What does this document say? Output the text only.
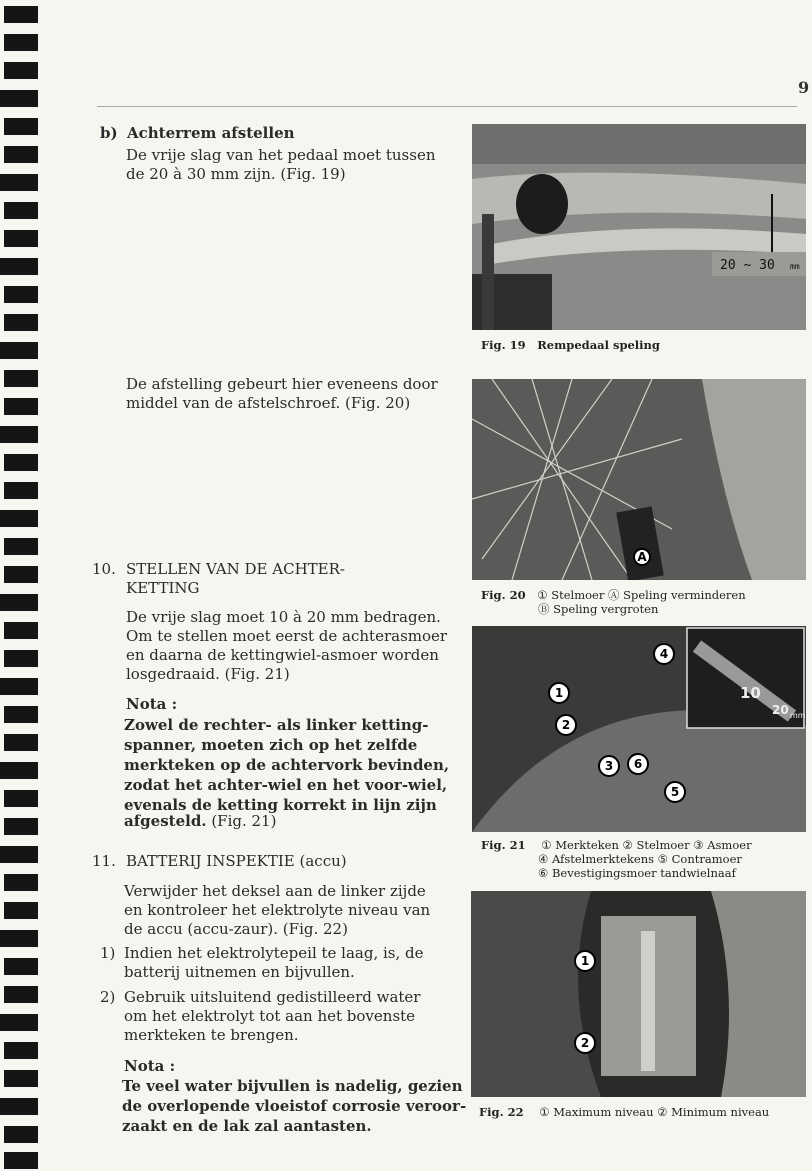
9
b) Achterrem afstellen
De vrije slag van het pedaal moet tussen
de 20 à 30 mm zijn. (Fig. 19)
De afstelling gebeurt hier eveneens door
middel van de afstelschroef. (Fig. 20)
10. STELLEN VAN DE ACHTER-
KETTING
De vrije slag moet 10 à 20 mm bedragen.
Om te stellen moet eerst de achterasmoer
en daarna de kettingwiel-asmoer worden
losgedraaid. (Fig. 21)
Nota :
Zowel de rechter- als linker ketting-
spanner, moeten zich op het zelfde
merkteken op de achtervork bevinden,
zodat het achter-wiel en het voor-wiel,
evenals de ketting korrekt in lijn zijn
afgesteld. (Fig. 21)
11. BATTERIJ INSPEKTIE (accu)
Verwijder het deksel aan de linker zijde
en kontroleer het elektrolyte niveau van
de accu (accu-zaur). (Fig. 22)
1) Indien het elektrolytepeil te laag, is, de
batterij uitnemen en bijvullen.
2) Gebruik uitsluitend gedistilleerd water
om het elektrolyt tot aan het bovenste
merkteken te brengen.
Nota :
Te veel water bijvullen is nadelig, gezien
de overlopende vloeistof corrosie veroor-
zaakt en de lak zal aantasten.
20 ~ 30 mm
Fig. 19 Rempedaal speling
A
Fig. 20 ① Stelmoer Ⓐ Speling verminderen
Ⓑ Speling vergroten
10
20 mm
1
2
3
4
5
6
Fig. 21 ① Merkteken ② Stelmoer ③ Asmoer
④ Afstelmerktekens ⑤ Contramoer
⑥ Bevestigingsmoer tandwielnaaf
1
2
Fig. 22 ① Maximum niveau ② Minimum niveau
